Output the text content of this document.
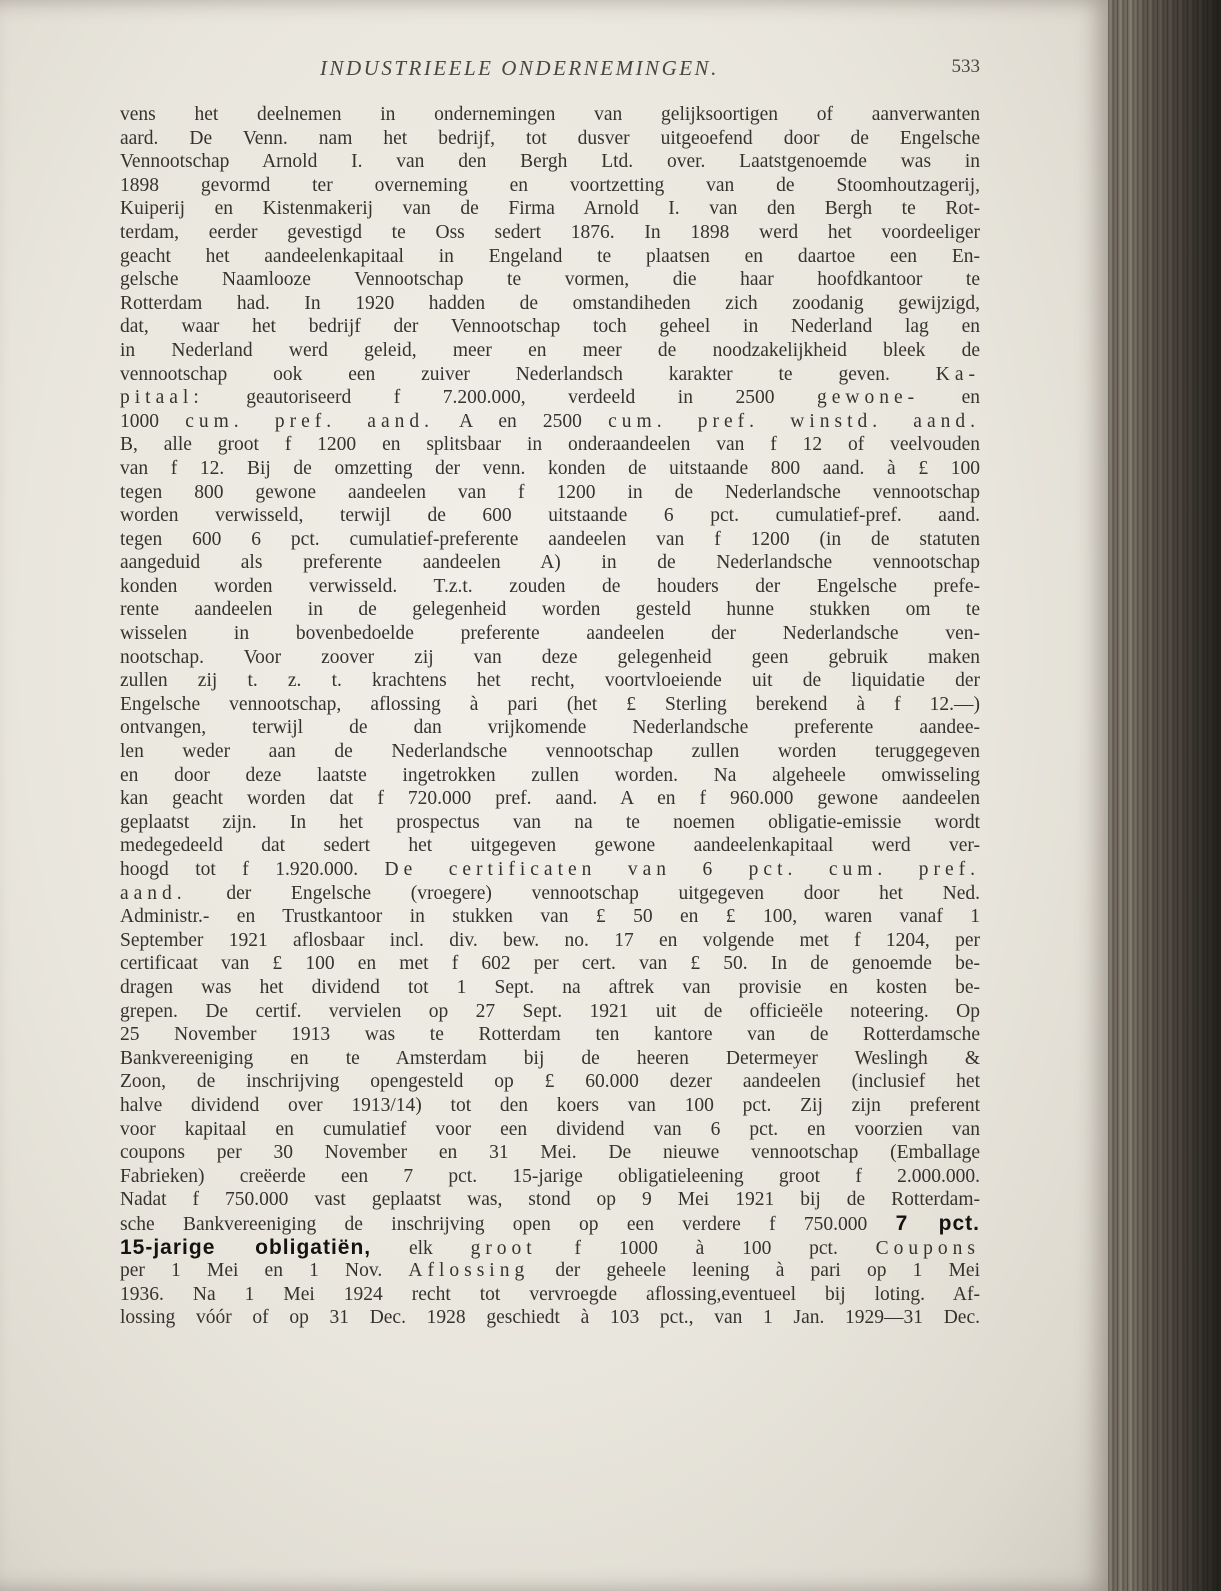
INDUSTRIEELE ONDERNEMINGEN.	533
vens het deelnemen in ondernemingen van gelijksoortigen of aanverwanten
aard. De Venn. nam het bedrijf, tot dusver uitgeoefend door de Engelsche
Vennootschap Arnold I. van den Bergh Ltd. over. Laatstgenoemde was in
1898 gevormd ter overneming en voortzetting van de Stoomhoutzagerij,
Kuiperij en Kistenmakerij van de Firma Arnold I. van den Bergh te Rot-
terdam, eerder gevestigd te Oss sedert 1876. In 1898 werd het voordeeliger
geacht het aandeelenkapitaal in Engeland te plaatsen en daartoe een En-
gelsche Naamlooze Vennootschap te vormen, die haar hoofdkantoor te
Rotterdam had. In 1920 hadden de omstandiheden zich zoodanig gewijzigd,
dat, waar het bedrijf der Vennootschap toch geheel in Nederland lag en
in Nederland werd geleid, meer en meer de noodzakelijkheid bleek de
vennootschap ook een zuiver Nederlandsch karakter te geven. Ka-
pitaal: geautoriseerd f 7.200.000, verdeeld in 2500 gewone- en
1000 cum. pref. aand. A en 2500 cum. pref. winstd. aand.
B, alle groot f 1200 en splitsbaar in onderaandeelen van f 12 of veelvouden
van f 12. Bij de omzetting der venn. konden de uitstaande 800 aand. à £ 100
tegen 800 gewone aandeelen van f 1200 in de Nederlandsche vennootschap
worden verwisseld, terwijl de 600 uitstaande 6 pct. cumulatief-pref. aand.
tegen 600 6 pct. cumulatief-preferente aandeelen van f 1200 (in de statuten
aangeduid als preferente aandeelen A) in de Nederlandsche vennootschap
konden worden verwisseld. T.z.t. zouden de houders der Engelsche prefe-
rente aandeelen in de gelegenheid worden gesteld hunne stukken om te
wisselen in bovenbedoelde preferente aandeelen der Nederlandsche ven-
nootschap. Voor zoover zij van deze gelegenheid geen gebruik maken
zullen zij t. z. t. krachtens het recht, voortvloeiende uit de liquidatie der
Engelsche vennootschap, aflossing à pari (het £ Sterling berekend à f 12.—)
ontvangen, terwijl de dan vrijkomende Nederlandsche preferente aandee-
len weder aan de Nederlandsche vennootschap zullen worden teruggegeven
en door deze laatste ingetrokken zullen worden. Na algeheele omwisseling
kan geacht worden dat f 720.000 pref. aand. A en f 960.000 gewone aandeelen
geplaatst zijn. In het prospectus van na te noemen obligatie-emissie wordt
medegedeeld dat sedert het uitgegeven gewone aandeelenkapitaal werd ver-
hoogd tot f 1.920.000. De certificaten van 6 pct. cum. pref.
aand. der Engelsche (vroegere) vennootschap uitgegeven door het Ned.
Administr.- en Trustkantoor in stukken van £ 50 en £ 100, waren vanaf 1
September 1921 aflosbaar incl. div. bew. no. 17 en volgende met f 1204, per
certificaat van £ 100 en met f 602 per cert. van £ 50. In de genoemde be-
dragen was het dividend tot 1 Sept. na aftrek van provisie en kosten be-
grepen. De certif. vervielen op 27 Sept. 1921 uit de officieële noteering. Op
25 November 1913 was te Rotterdam ten kantore van de Rotterdamsche
Bankvereeniging en te Amsterdam bij de heeren Determeyer Weslingh &
Zoon, de inschrijving opengesteld op £ 60.000 dezer aandeelen (inclusief het
halve dividend over 1913/14) tot den koers van 100 pct. Zij zijn preferent
voor kapitaal en cumulatief voor een dividend van 6 pct. en voorzien van
coupons per 30 November en 31 Mei. De nieuwe vennootschap (Emballage
Fabrieken) creëerde een 7 pct. 15-jarige obligatieleening groot f 2.000.000.
Nadat f 750.000 vast geplaatst was, stond op 9 Mei 1921 bij de Rotterdam-
sche Bankvereeniging de inschrijving open op een verdere f 750.000 7 pct.
15-jarige obligatiën, elk groot f 1000 à 100 pct. Coupons
per 1 Mei en 1 Nov. Aflossing der geheele leening à pari op 1 Mei
1936. Na 1 Mei 1924 recht tot vervroegde aflossing,eventueel bij loting. Af-
lossing vóór of op 31 Dec. 1928 geschiedt à 103 pct., van 1 Jan. 1929—31 Dec.
